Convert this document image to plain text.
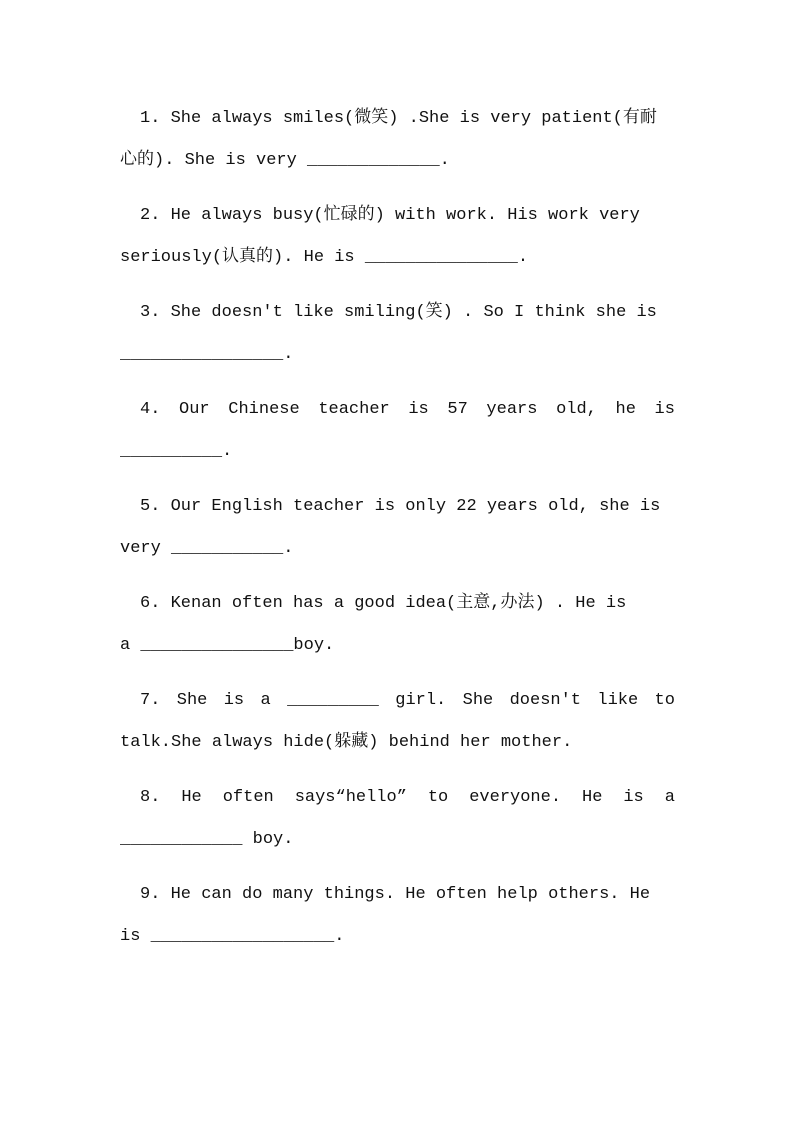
1. She always smiles(微笑) .She is very patient(有耐
心的). She is very _____________.
2. He always busy(忙碌的) with work. His work very
seriously(认真的). He is _______________.
3. She doesn't like smiling(笑) . So I think she is
________________.
4. Our Chinese teacher is 57 years old, he is
__________.
5. Our English teacher is only 22 years old, she is
very ___________.
6. Kenan often has a good idea(主意,办法) . He is
a _______________boy.
7. She is a _________ girl. She doesn't like to
talk.She always hide(躲藏) behind her mother.
8. He often says“hello” to everyone. He is a
____________ boy.
9. He can do many things. He often help others. He
is __________________.
